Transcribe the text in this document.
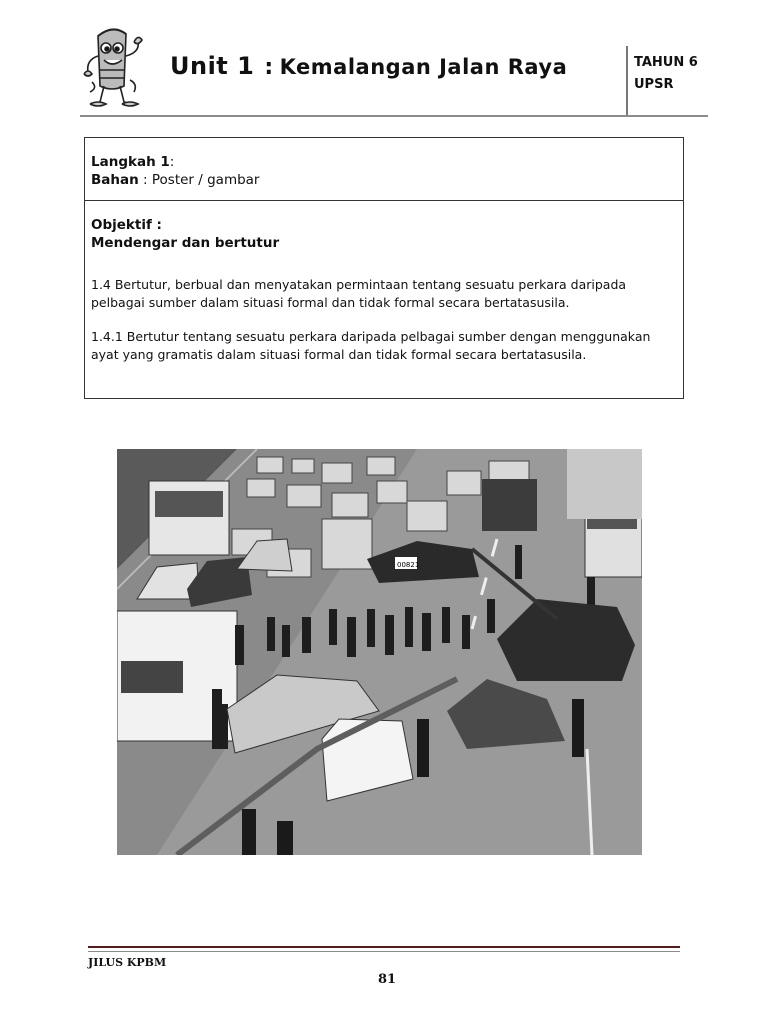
Unit 1 : Kemalangan Jalan Raya	TAHUN 6
UPSR
Langkah 1:
Bahan : Poster / gambar
Objektif :
Mendengar dan bertutur
1.4 Bertutur, berbual dan menyatakan permintaan tentang sesuatu perkara daripada pelbagai sumber dalam situasi formal dan tidak formal secara bertatasusila.
1.4.1 Bertutur tentang sesuatu perkara daripada pelbagai sumber dengan menggunakan ayat yang gramatis dalam situasi formal dan tidak formal secara bertatasusila.
00821
JILUS KPBM
81
